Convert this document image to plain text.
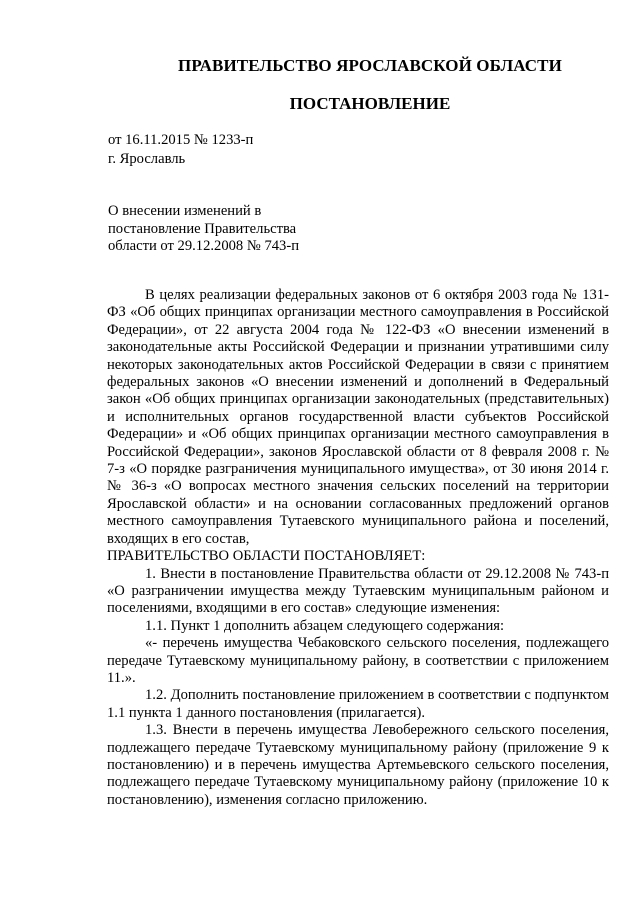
ПРАВИТЕЛЬСТВО ЯРОСЛАВСКОЙ ОБЛАСТИ
ПОСТАНОВЛЕНИЕ
от 16.11.2015 № 1233-п
г. Ярославль
О внесении изменений в
постановление Правительства
области от 29.12.2008 № 743-п

В целях реализации федеральных законов от 6 октября 2003 года № 131-ФЗ «Об общих принципах организации местного самоуправления в Российской Федерации», от 22 августа 2004 года № 122-ФЗ «О внесении изменений в законодательные акты Российской Федерации и признании утратившими силу некоторых законодательных актов Российской Федерации в связи с принятием федеральных законов «О внесении изменений и дополнений в Федеральный закон «Об общих принципах организации законодательных (представительных) и исполнительных органов государственной власти субъектов Российской Федерации» и «Об общих принципах организации местного самоуправления в Российской Федерации», законов Ярославской области от 8 февраля 2008 г. № 7-з «О порядке разграничения муниципального имущества», от 30 июня 2014 г. № 36-з «О вопросах местного значения сельских поселений на территории Ярославской области» и на основании согласованных предложений органов местного самоуправления Тутаевского муниципального района и поселений, входящих в его состав,

ПРАВИТЕЛЬСТВО ОБЛАСТИ ПОСТАНОВЛЯЕТ:

1. Внести в постановление Правительства области от 29.12.2008 № 743-п «О разграничении имущества между Тутаевским муниципальным районом и поселениями, входящими в его состав» следующие изменения:

1.1. Пункт 1 дополнить абзацем следующего содержания:

«- перечень имущества Чебаковского сельского поселения, подлежащего передаче Тутаевскому муниципальному району, в соответствии с приложением 11.».

1.2. Дополнить постановление приложением в соответствии с подпунктом 1.1 пункта 1 данного постановления (прилагается).

1.3. Внести в перечень имущества Левобережного сельского поселения, подлежащего передаче Тутаевскому муниципальному району (приложение 9 к постановлению) и в перечень имущества Артемьевского сельского поселения, подлежащего передаче Тутаевскому муниципальному району (приложение 10 к постановлению), изменения согласно приложению.
